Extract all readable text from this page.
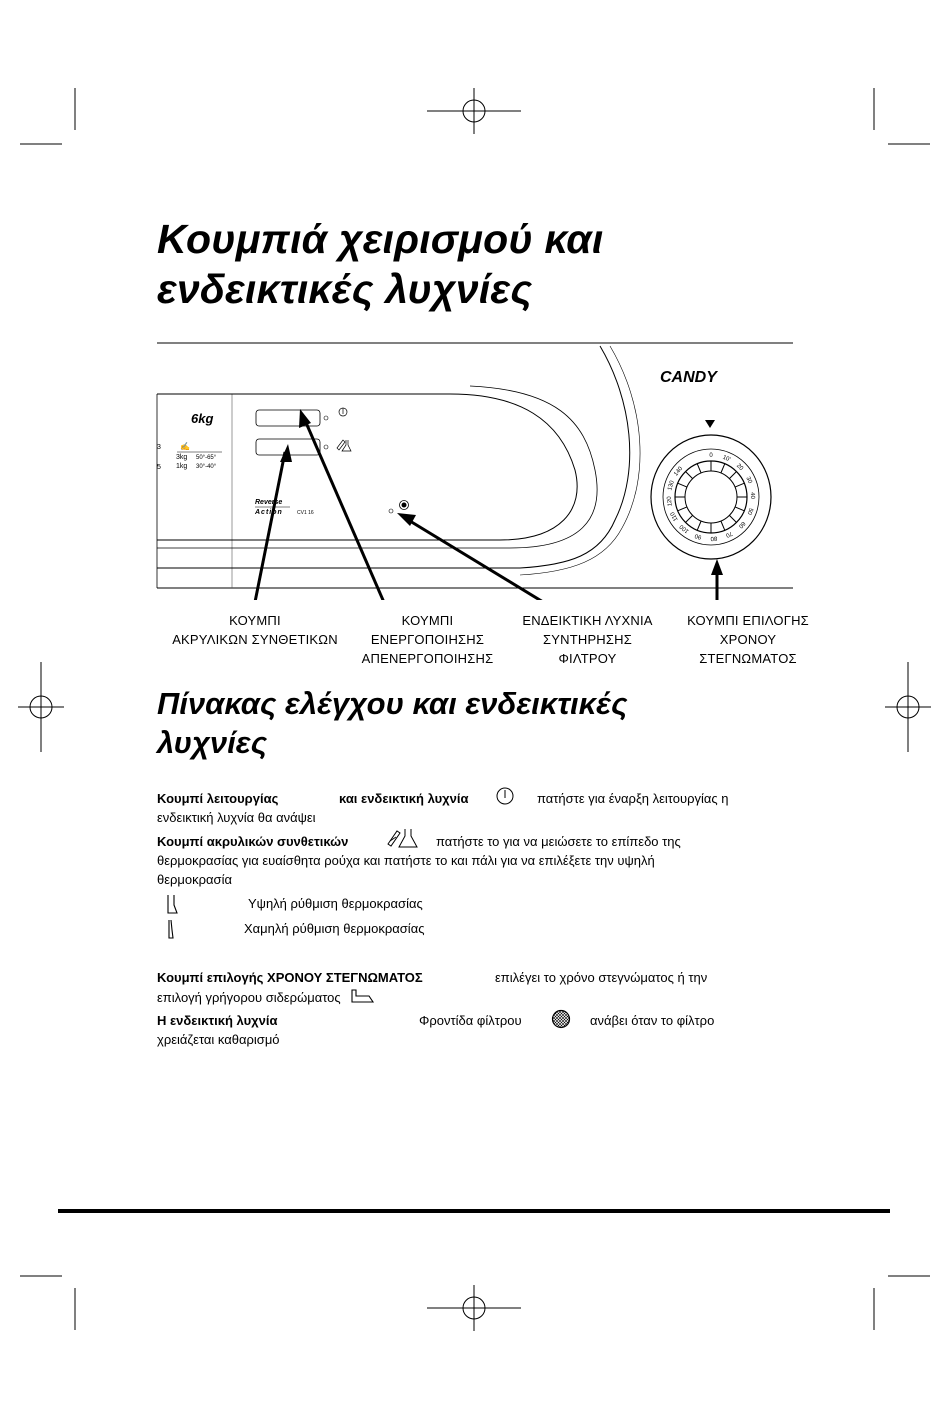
Κουμπιά χειρισμού και
ενδεικτικές λυχνίες
CANDY
6kg
3
5
✍
3kg 50°-65°
1kg 30°-40°
Reverse
Action	CV1 16
0 10'
20
30
40
50
60
70
80
90
100
110
120
130
140
ΚΟΥΜΠΙ
ΑΚΡΥΛΙΚΩΝ ΣΥΝΘΕΤΙΚΩΝ
ΚΟΥΜΠΙ
ΕΝΕΡΓΟΠΟΙΗΣΗΣ
ΑΠΕΝΕΡΓΟΠΟΙΗΣΗΣ
ΕΝΔΕΙΚΤΙΚΗ ΛΥΧΝΙΑ
ΣΥΝΤΗΡΗΣΗΣ
ΦΙΛΤΡΟΥ
ΚΟΥΜΠΙ ΕΠΙΛΟΓΗΣ
ΧΡΟΝΟΥ
ΣΤΕΓΝΩΜΑΤΟΣ
Πίνακας ελέγχου και ενδεικτικές
λυχνίες
Κουμπί λειτουργίας	και ενδεικτική λυχνία	πατήστε για έναρξη λειτουργίας η
ενδεικτική λυχνία θα ανάψει
Κουμπί ακρυλικών συνθετικών	πατήστε το για να μειώσετε το επίπεδο της
θερμοκρασίας για ευαίσθητα ρούχα και πατήστε το και πάλι για να επιλέξετε την υψηλή
θερμοκρασία
Υψηλή ρύθμιση θερμοκρασίας
Χαμηλή ρύθμιση θερμοκρασίας
Κουμπί επιλογής ΧΡΟΝΟΥ ΣΤΕΓΝΩΜΑΤΟΣ	επιλέγει το χρόνο στεγνώματος ή την
επιλογή γρήγορου σιδερώματος
Η ενδεικτική λυχνία	Φροντίδα φίλτρου	ανάβει όταν το φίλτρο
χρειάζεται καθαρισμό
